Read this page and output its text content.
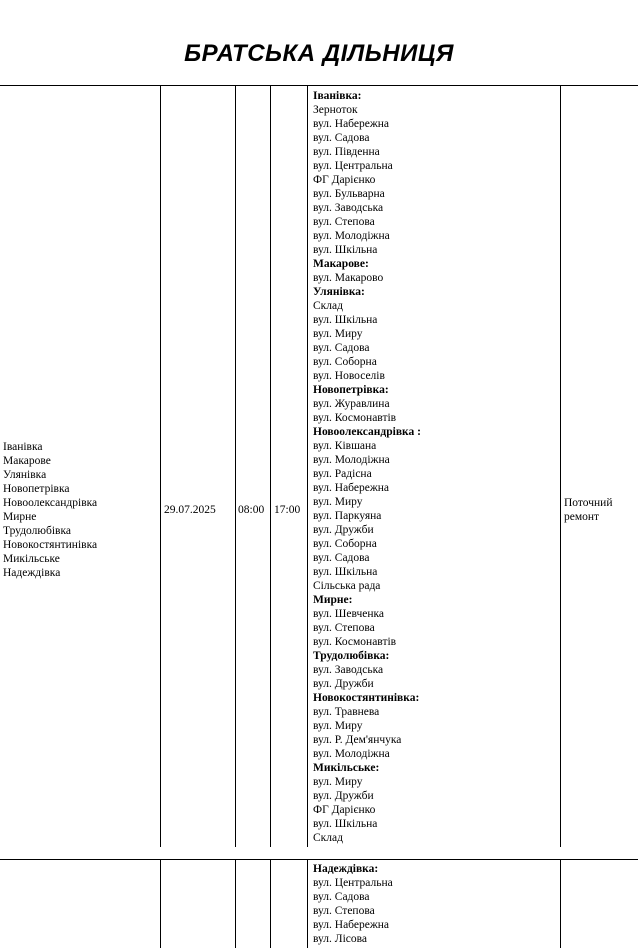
БРАТСЬКА ДІЛЬНИЦЯ
Іванівка
Макарове
Улянівка
Новопетрівка
Новоолександрівка
Мирне
Трудолюбівка
Новокостянтинівка
Микільське
Надеждівка
29.07.2025 08:00 17:00
Поточний
ремонт
Іванівка:
Зерноток
вул. Набережна
вул. Садова
вул. Південна
вул. Центральна
ФГ Дарієнко
вул. Бульварна
вул. Заводська
вул. Степова
вул. Молодіжна
вул. Шкільна
Макарове:
вул. Макарово
Улянівка:
Склад
вул. Шкільна
вул. Миру
вул. Садова
вул. Соборна
вул. Новоселів
Новопетрівка:
вул. Журавлина
вул. Космонавтів
Новоолександрівка :
вул. Ківшана
вул. Молодіжна
вул. Радісна
вул. Набережна
вул. Миру
вул. Паркуяна
вул. Дружби
вул. Соборна
вул. Садова
вул. Шкільна
Сільська рада
Мирне:
вул. Шевченка
вул. Степова
вул. Космонавтів
Трудолюбівка:
вул. Заводська
вул. Дружби
Новокостянтинівка:
вул. Травнева
вул. Миру
вул. Р. Дем'янчука
вул. Молодіжна
Микільське:
вул. Миру
вул. Дружби
ФГ Дарієнко
вул. Шкільна
Склад
Надеждівка:
вул. Центральна
вул. Садова
вул. Степова
вул. Набережна
вул. Лісова
